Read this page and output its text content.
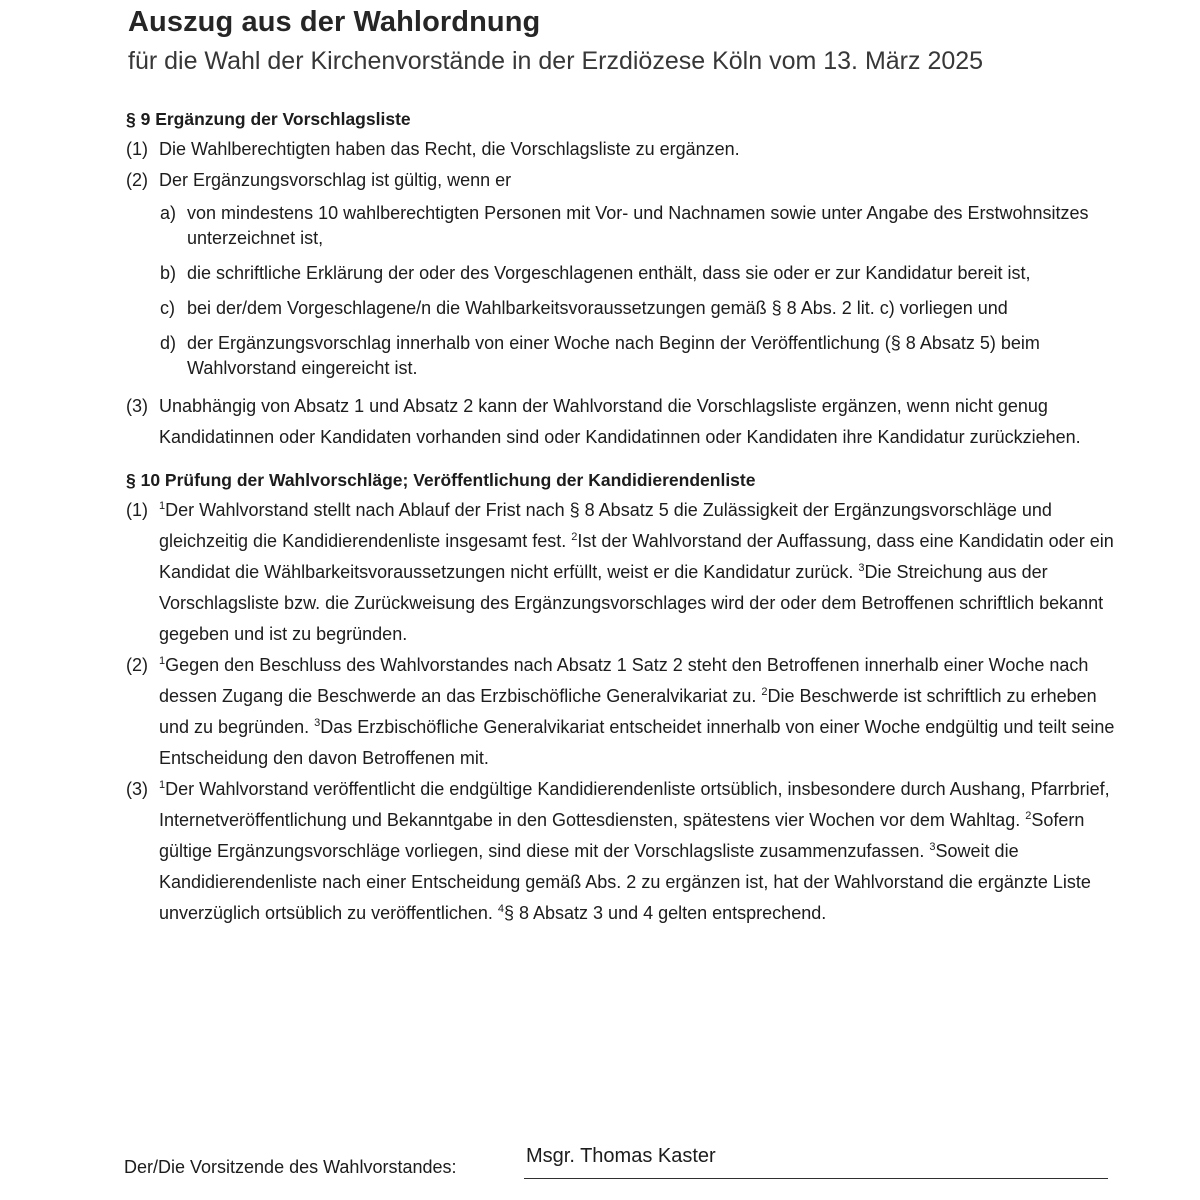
Auszug aus der Wahlordnung
für die Wahl der Kirchenvorstände in der Erzdiözese Köln vom 13. März 2025
§ 9 Ergänzung der Vorschlagsliste
(1) Die Wahlberechtigten haben das Recht, die Vorschlagsliste zu ergänzen.
(2) Der Ergänzungsvorschlag ist gültig, wenn er
a) von mindestens 10 wahlberechtigten Personen mit Vor- und Nachnamen sowie unter Angabe des Erstwohnsitzes unterzeichnet ist,
b) die schriftliche Erklärung der oder des Vorgeschlagenen enthält, dass sie oder er zur Kandidatur bereit ist,
c) bei der/dem Vorgeschlagene/n die Wahlbarkeitsvoraussetzungen gemäß § 8 Abs. 2 lit. c) vorliegen und
d) der Ergänzungsvorschlag innerhalb von einer Woche nach Beginn der Veröffentlichung (§ 8 Absatz 5) beim Wahlvorstand eingereicht ist.
(3) Unabhängig von Absatz 1 und Absatz 2 kann der Wahlvorstand die Vorschlagsliste ergänzen, wenn nicht genug Kandidatinnen oder Kandidaten vorhanden sind oder Kandidatinnen oder Kandidaten ihre Kandidatur zurückziehen.
§ 10 Prüfung der Wahlvorschläge; Veröffentlichung der Kandidierendenliste
(1) $^1$Der Wahlvorstand stellt nach Ablauf der Frist nach § 8 Absatz 5 die Zulässigkeit der Ergänzungsvorschläge und gleichzeitig die Kandidierendenliste insgesamt fest. $^2$Ist der Wahlvorstand der Auffassung, dass eine Kandidatin oder ein Kandidat die Wählbarkeitsvoraussetzungen nicht erfüllt, weist er die Kandidatur zurück. $^3$Die Streichung aus der Vorschlagsliste bzw. die Zurückweisung des Ergänzungsvorschlages wird der oder dem Betroffenen schriftlich bekannt gegeben und ist zu begründen.
(2) $^1$Gegen den Beschluss des Wahlvorstandes nach Absatz 1 Satz 2 steht den Betroffenen innerhalb einer Woche nach dessen Zugang die Beschwerde an das Erzbischöfliche Generalvikariat zu. $^2$Die Beschwerde ist schriftlich zu erheben und zu begründen. $^3$Das Erzbischöfliche Generalvikariat entscheidet innerhalb von einer Woche endgültig und teilt seine Entscheidung den davon Betroffenen mit.
(3) $^1$Der Wahlvorstand veröffentlicht die endgültige Kandidierendenliste ortsüblich, insbesondere durch Aushang, Pfarrbrief, Internetveröffentlichung und Bekanntgabe in den Gottesdiensten, spätestens vier Wochen vor dem Wahltag. $^2$Sofern gültige Ergänzungsvorschläge vorliegen, sind diese mit der Vorschlagsliste zusammenzufassen. $^3$Soweit die Kandidierendenliste nach einer Entscheidung gemäß Abs. 2 zu ergänzen ist, hat der Wahlvorstand die ergänzte Liste unverzüglich ortsüblich zu veröffentlichen. $^4$§ 8 Absatz 3 und 4 gelten entsprechend.
Der/Die Vorsitzende des Wahlvorstandes:	Msgr. Thomas Kaster
